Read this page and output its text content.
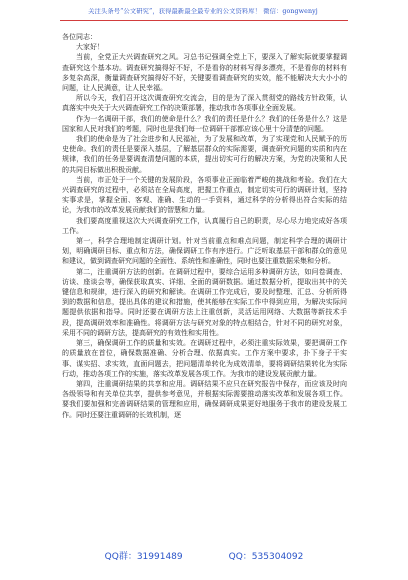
关注头条号“公文研究”，获得最新最全最专业的公文资料库！ 微信：gongwenyj

各位同志：

大家好！

当前，全党正大兴调查研究之风。习总书记强调全党上下，要深入了解实际就要掌握调查研究这个基本功。调查研究搞得好不好，不是看你的材料写得多漂亮，不是看你的材料有多复杂高深，衡量调查研究搞得好不好，关键要看调查研究的实效，能不能解决大大小小的问题，让人民满意，让人民幸福。

所以今天，我们召开这次调查研究交流会，目的是为了深入贯彻党的路线方针政策，认真落实中央关于大兴调查研究工作的决策部署，推动我市各项事业全面发展。

作为一名调研干部，我们的使命是什么？我们的责任是什么？我们的任务是什么？这是国家和人民对我们的考题，同时也是我们每一位调研干部都应该心里十分清楚的问题。

我们的使命是为了社会进步和人民福祉，为了发展和改革，为了实现党和人民赋予的历史使命。我们的责任是要深入基层，了解基层群众的实际需要，调查研究问题的实质和内在规律，我们的任务是要调查清楚问题的本质，提出切实可行的解决方案，为党的决策和人民的共同目标做出积极贡献。

当前，市正处于一个关键的发展阶段，各项事业正面临着严峻的挑战和考验。我们在大兴调查研究的过程中，必须站在全局高度，把握工作重点，制定切实可行的调研计划，坚持实事求是，掌握全面、客观、准确、生动的一手资料，通过科学的分析得出符合实际的结论，为我市的改革发展贡献我们的智慧和力量。

我们要高度重视这次大兴调查研究工作，认真履行自己的职责，尽心尽力地完成好各项工作。

第一，科学合理地制定调研计划。针对当前重点和难点问题，制定科学合理的调研计划，明确调研目标、重点和方法，确保调研工作有序进行。广泛听取基层干部和群众的意见和建议，做到调查研究问题的全面性、系统性和准确性，同时也要注重数据采集和分析。

第二，注重调研方法的创新。在调研过程中，要综合运用多种调研方法，如问卷调查、访谈、座谈会等，确保获取真实、详细、全面的调研数据。通过数据分析，提取出其中的关键信息和规律，进行深入的研究和解读。在调研工作完成后，要及时整理、汇总、分析所得到的数据和信息，提出具体的建议和措施，使其能够在实际工作中得到应用，为解决实际问题提供依据和指导。同时还要在调研方法上注重创新，灵活运用网络、大数据等新技术手段，提高调研效率和准确性。将调研方法与研究对象的特点相结合，针对不同的研究对象，采用不同的调研方法，提高研究的有效性和实用性。

第三，确保调研工作的质量和实效。在调研过程中，必须注重实际效果，要把调研工作的质量放在首位，确保数据准确、分析合理、依据真实。工作方案中要求，扑下身子干实事、谋实招、求实效，直面问题去，把问题清单转化为成效清单，要将调研结果转化为实际行动，推动各项工作的实施，落实改革发展各项工作。为我市的建设发展贡献力量。

第四，注重调研结果的共享和应用。调研结果不应只在研究报告中保存，而应该及时向各级领导和有关单位共享，提供参考意见，并根据实际需要推动落实改革和发展各项工作。要我们要加强和完善调研结果的管理和应用，确保调研成果更好地服务于我市的建设发展工作。同时还要注重调研的长效机制，逐

QQ群：31991489	QQ：535304092
